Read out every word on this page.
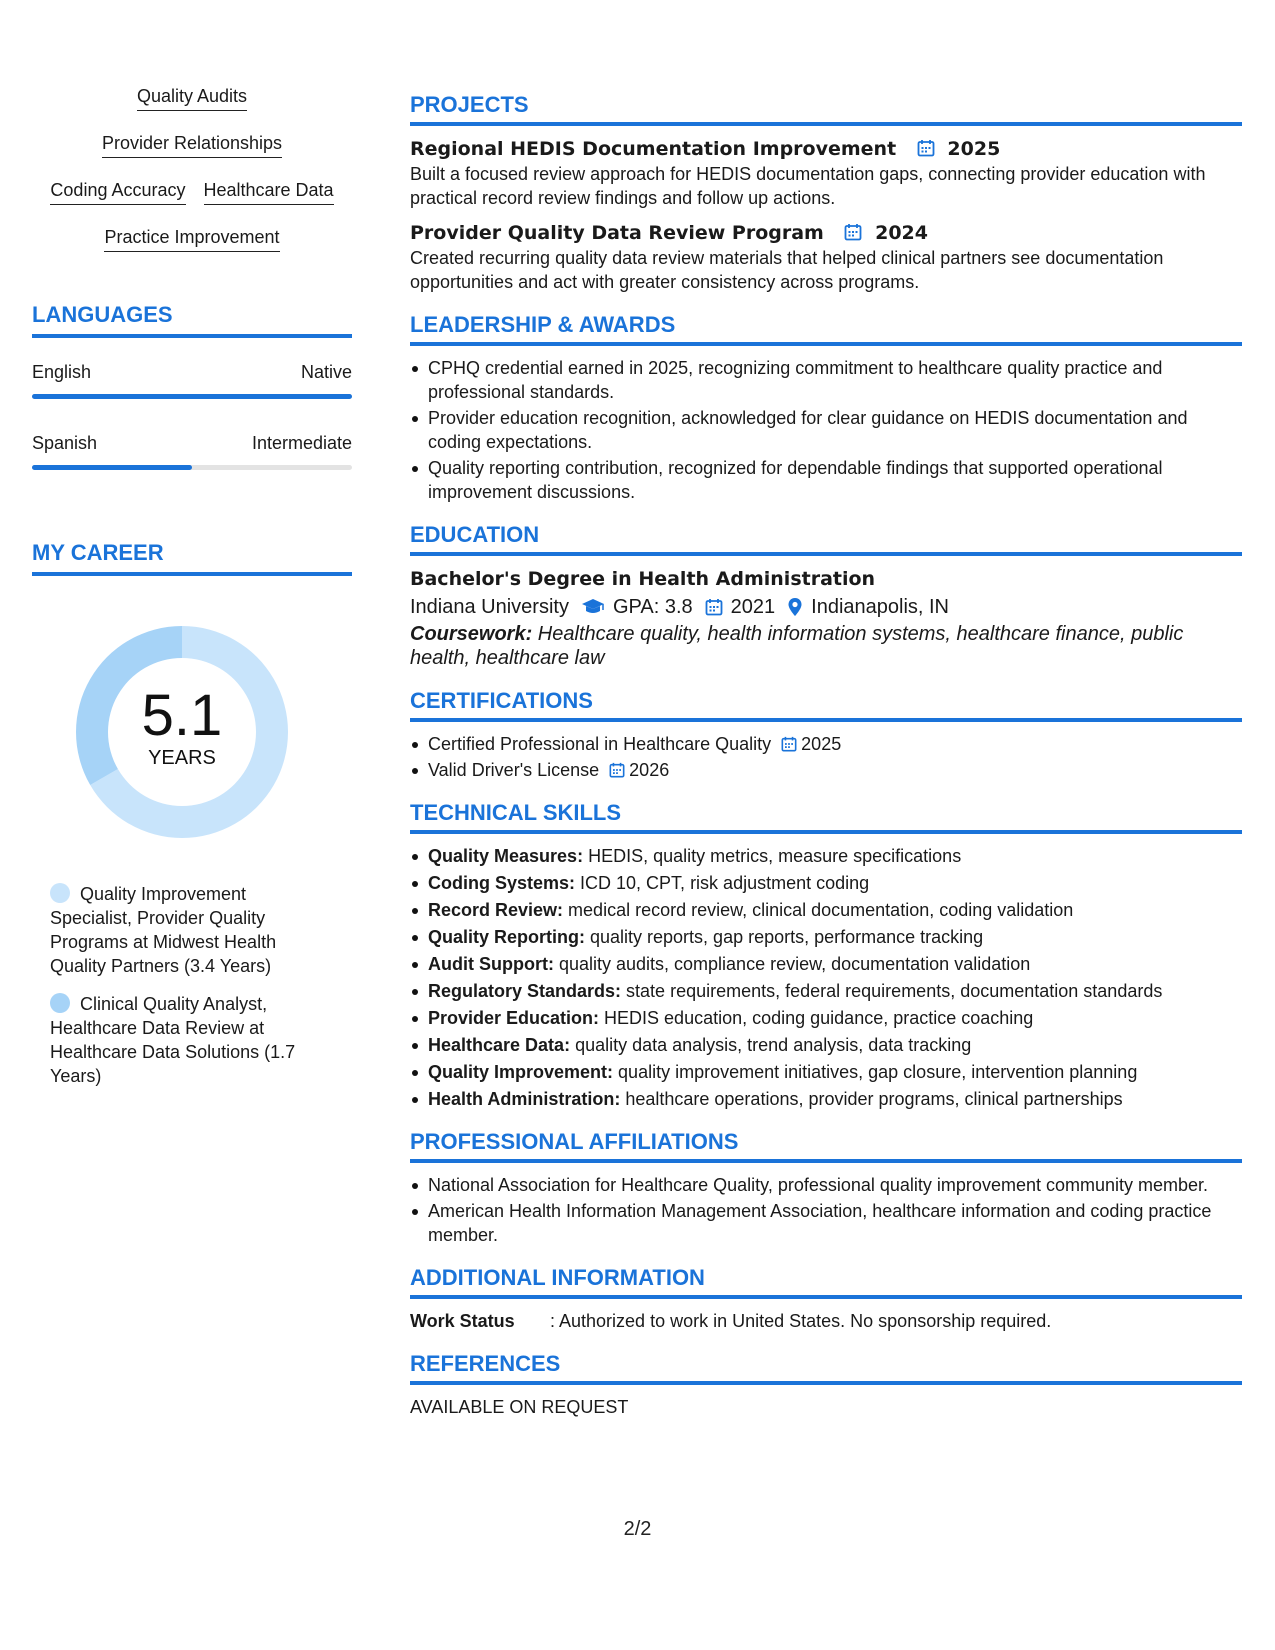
Quality Audits
Provider Relationships
Coding Accuracy Healthcare Data
Practice Improvement
LANGUAGES
English	Native
Spanish	Intermediate
MY CAREER
5.1
YEARS
Quality Improvement Specialist, Provider Quality Programs at Midwest Health Quality Partners (3.4 Years)
Clinical Quality Analyst, Healthcare Data Review at Healthcare Data Solutions (1.7 Years)
PROJECTS
Regional HEDIS Documentation Improvement	2025
Built a focused review approach for HEDIS documentation gaps, connecting provider education with practical record review findings and follow up actions.
Provider Quality Data Review Program	2024
Created recurring quality data review materials that helped clinical partners see documentation opportunities and act with greater consistency across programs.
LEADERSHIP & AWARDS
CPHQ credential earned in 2025, recognizing commitment to healthcare quality practice and professional standards.
Provider education recognition, acknowledged for clear guidance on HEDIS documentation and coding expectations.
Quality reporting contribution, recognized for dependable findings that supported operational improvement discussions.
EDUCATION
Bachelor's Degree in Health Administration
Indiana University GPA: 3.8 2021 Indianapolis, IN
Coursework: Healthcare quality, health information systems, healthcare finance, public health, healthcare law
CERTIFICATIONS
Certified Professional in Healthcare Quality 2025
Valid Driver's License 2026
TECHNICAL SKILLS
Quality Measures: HEDIS, quality metrics, measure specifications
Coding Systems: ICD 10, CPT, risk adjustment coding
Record Review: medical record review, clinical documentation, coding validation
Quality Reporting: quality reports, gap reports, performance tracking
Audit Support: quality audits, compliance review, documentation validation
Regulatory Standards: state requirements, federal requirements, documentation standards
Provider Education: HEDIS education, coding guidance, practice coaching
Healthcare Data: quality data analysis, trend analysis, data tracking
Quality Improvement: quality improvement initiatives, gap closure, intervention planning
Health Administration: healthcare operations, provider programs, clinical partnerships
PROFESSIONAL AFFILIATIONS
National Association for Healthcare Quality, professional quality improvement community member.
American Health Information Management Association, healthcare information and coding practice member.
ADDITIONAL INFORMATION
Work Status	: Authorized to work in United States. No sponsorship required.
REFERENCES
AVAILABLE ON REQUEST
2/2
